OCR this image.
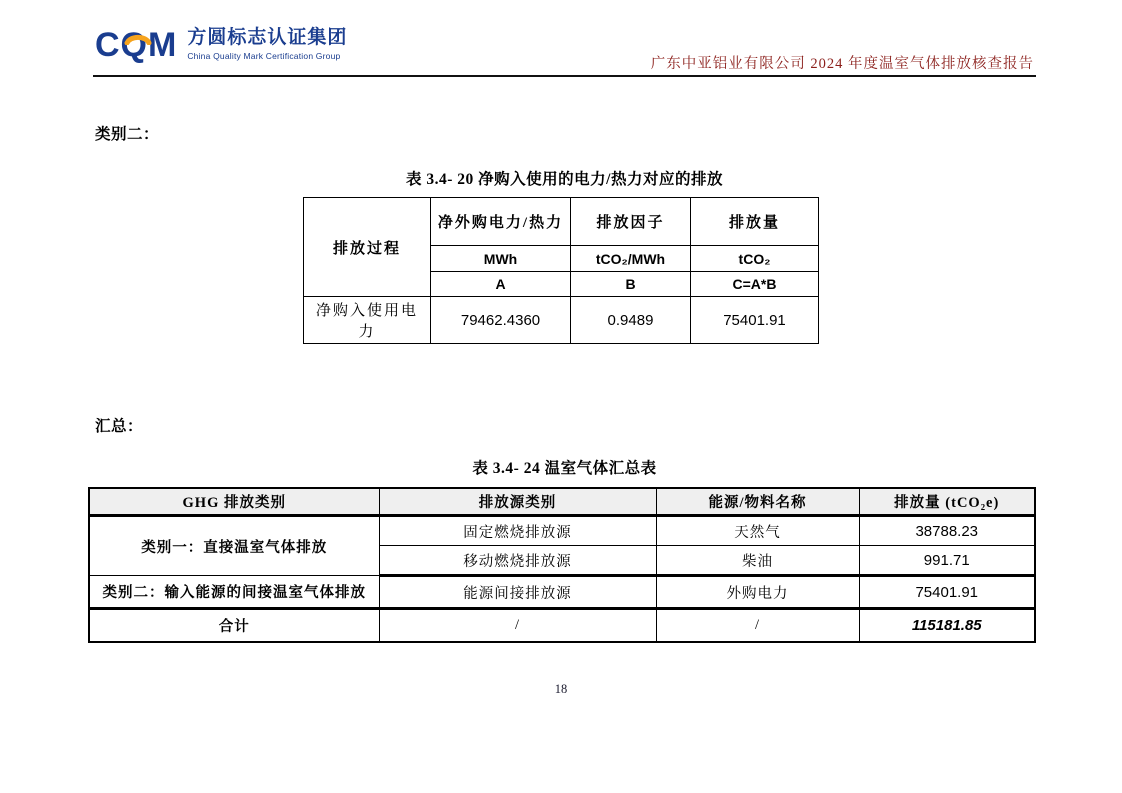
CQM 方圆标志认证集团
China Quality Mark Certification Group
广东中亚铝业有限公司 2024 年度温室气体排放核查报告
类别二：
表 3.4- 20 净购入使用的电力/热力对应的排放
排放过程	净外购电力/热力	排放因子	排放量
	MWh	tCO₂/MWh	tCO₂
	A	B	C=A*B
净购入使用电力	79462.4360	0.9489	75401.91
汇总：
表 3.4- 24 温室气体汇总表
GHG 排放类别	排放源类别	能源/物料名称	排放量 (tCO₂e)
类别一：直接温室气体排放	固定燃烧排放源	天然气	38788.23
	移动燃烧排放源	柴油	991.71
类别二：输入能源的间接温室气体排放	能源间接排放源	外购电力	75401.91
合计	/	/	115181.85
18
